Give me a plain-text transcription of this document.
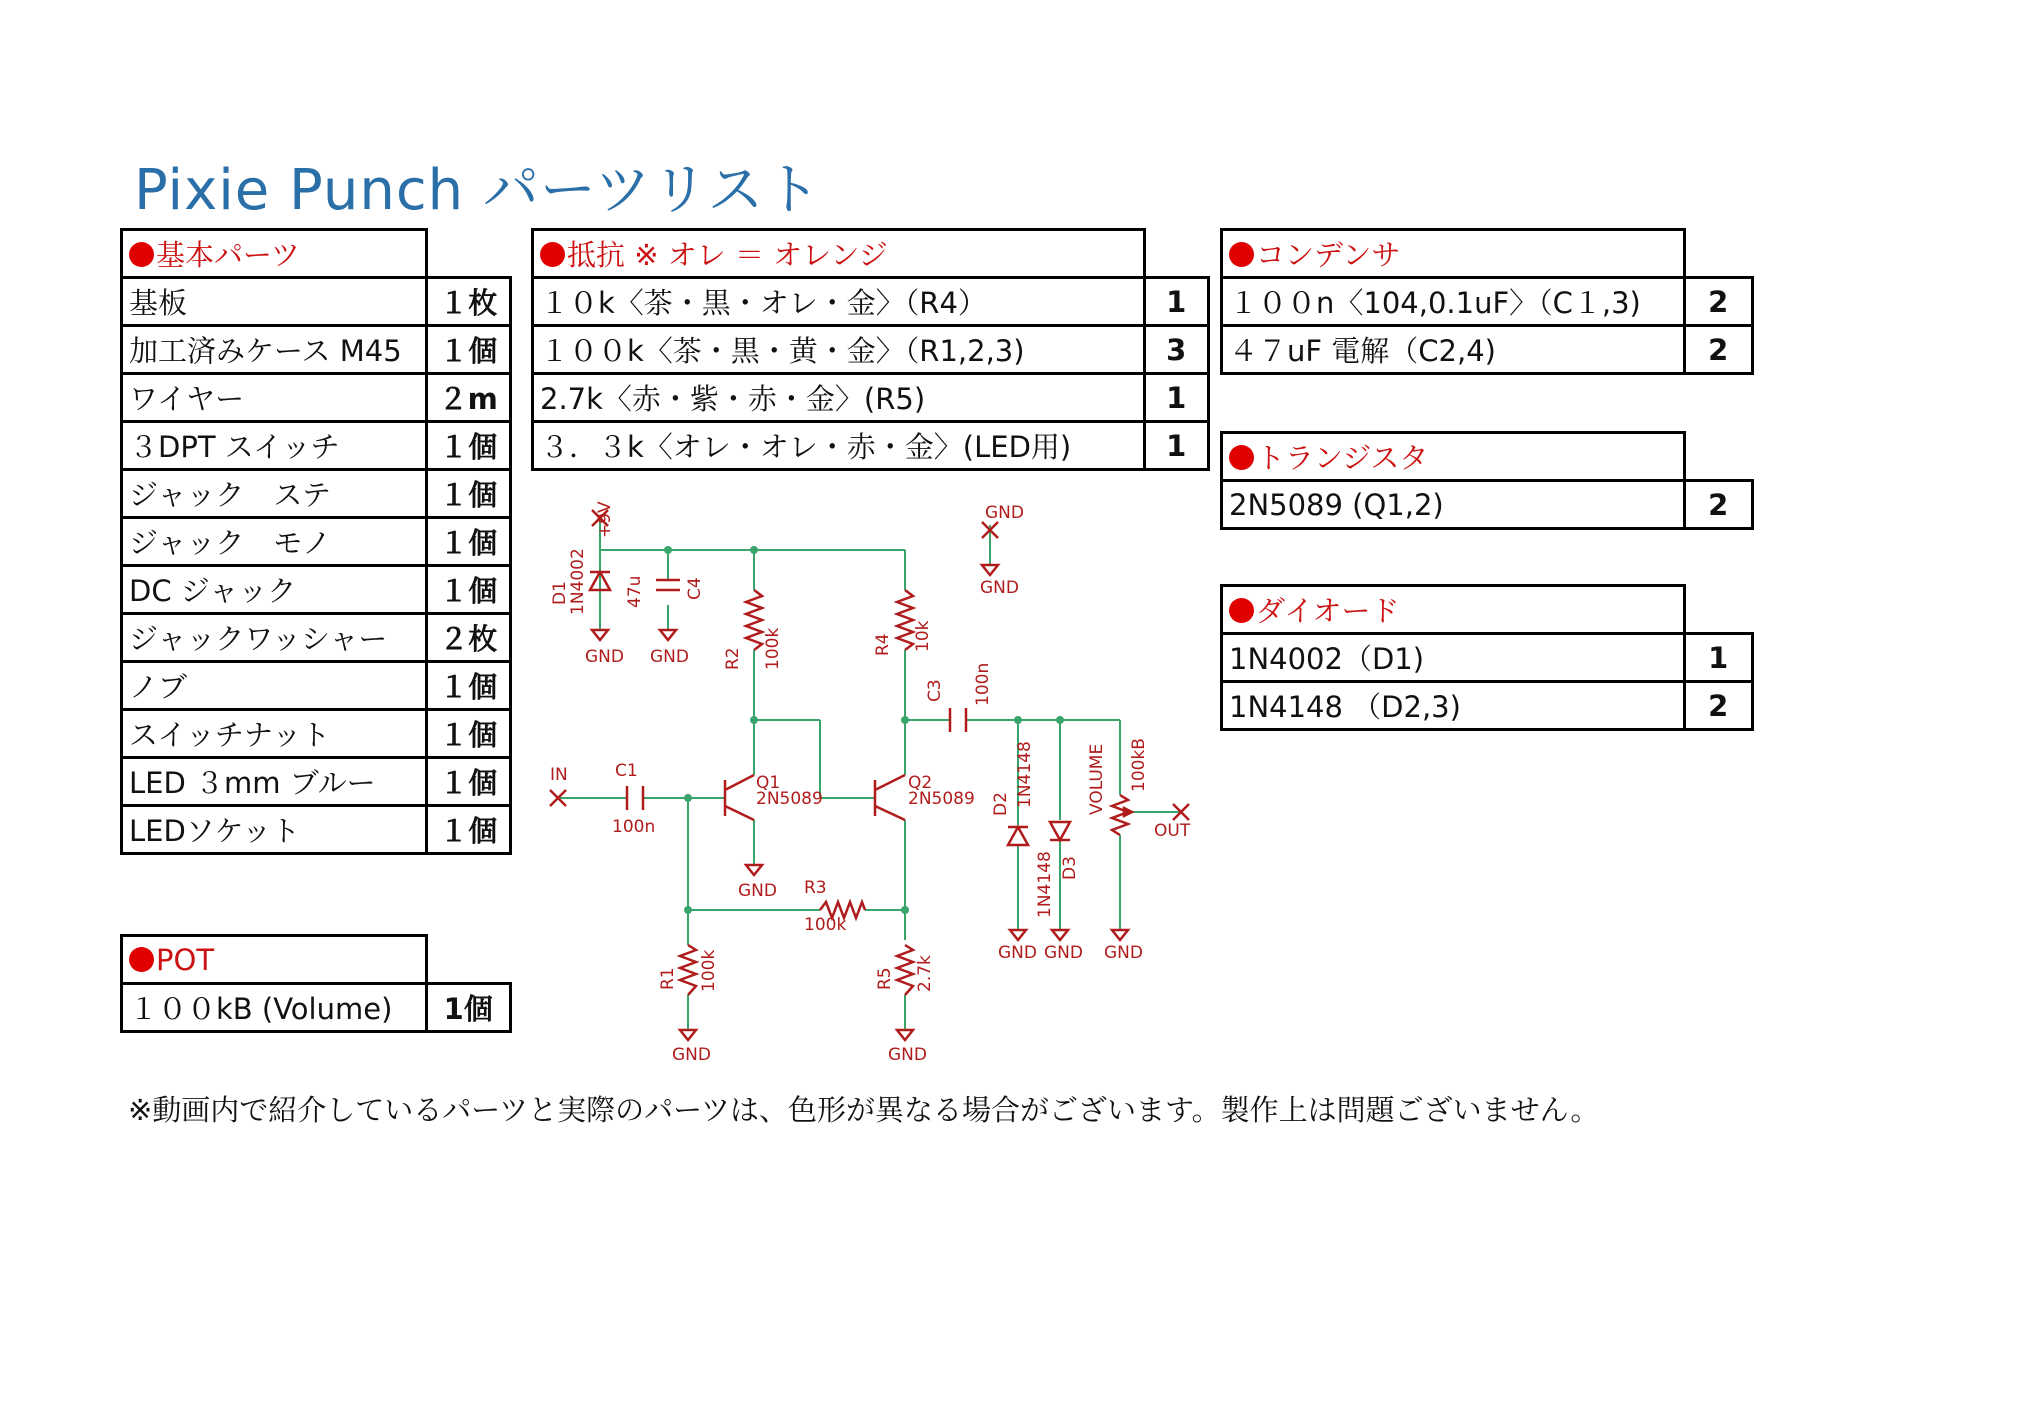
Pixie Punch パーツリスト
基本パーツ	
基板	１枚
加工済みケース M45	１個
ワイヤー	２m
３DPT スイッチ	１個
ジャック　ステ	１個
ジャック　モノ	１個
DC ジャック	１個
ジャックワッシャー	２枚
ノブ	１個
スイッチナット	１個
LED ３mm ブルー	１個
LEDソケット	１個
POT	
１００kB (Volume)	1個
抵抗 ※ オレ ＝ オレンジ	
１０k〈茶・黒・オレ・金〉（R4）	1
１００k〈茶・黒・黄・金〉（R1,2,3)	3
2.7k〈赤・紫・赤・金〉(R5)	1
３．３k〈オレ・オレ・赤・金〉(LED用)	1
コンデンサ	
１００n〈104,0.1uF〉（C１,3)	2
４７uF 電解（C2,4)	2
トランジスタ	
2N5089 (Q1,2)	2
ダイオード	
1N4002（D1)	1
1N4148 （D2,3)	2
+9V
D1
1N4002 47u C4
R2 100k	R4 10k
C3 100n
C1
100n
IN	Q1
2N5089
Q2
2N5089
R3
100k
R1 100k	R5 2.7k
D2 1N4148
1N4148 D3
VOLUME 100kB
OUT
GND
GND
GND GND
GND
GND	GND
GND GND GND
※動画内で紹介しているパーツと実際のパーツは、色形が異なる場合がございます。製作上は問題ございません。
